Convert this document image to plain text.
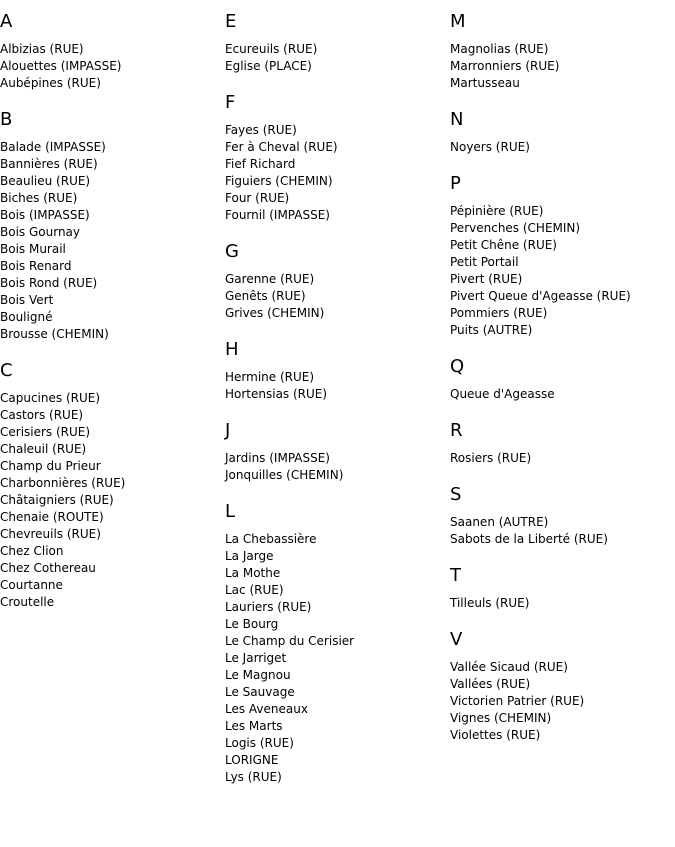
A
Albizias (RUE)
Alouettes (IMPASSE)
Aubépines (RUE)
B
Balade (IMPASSE)
Bannières (RUE)
Beaulieu (RUE)
Biches (RUE)
Bois (IMPASSE)
Bois Gournay
Bois Murail
Bois Renard
Bois Rond (RUE)
Bois Vert
Bouligné
Brousse (CHEMIN)
C
Capucines (RUE)
Castors (RUE)
Cerisiers (RUE)
Chaleuil (RUE)
Champ du Prieur
Charbonnières (RUE)
Châtaigniers (RUE)
Chenaie (ROUTE)
Chevreuils (RUE)
Chez Clion
Chez Cothereau
Courtanne
Croutelle
E
Ecureuils (RUE)
Eglise (PLACE)
F
Fayes (RUE)
Fer à Cheval (RUE)
Fief Richard
Figuiers (CHEMIN)
Four (RUE)
Fournil (IMPASSE)
G
Garenne (RUE)
Genêts (RUE)
Grives (CHEMIN)
H
Hermine (RUE)
Hortensias (RUE)
J
Jardins (IMPASSE)
Jonquilles (CHEMIN)
L
La Chebassière
La Jarge
La Mothe
Lac (RUE)
Lauriers (RUE)
Le Bourg
Le Champ du Cerisier
Le Jarriget
Le Magnou
Le Sauvage
Les Aveneaux
Les Marts
Logis (RUE)
LORIGNE
Lys (RUE)
M
Magnolias (RUE)
Marronniers (RUE)
Martusseau
N
Noyers (RUE)
P
Pépinière (RUE)
Pervenches (CHEMIN)
Petit Chêne (RUE)
Petit Portail
Pivert (RUE)
Pivert Queue d'Ageasse (RUE)
Pommiers (RUE)
Puits (AUTRE)
Q
Queue d'Ageasse
R
Rosiers (RUE)
S
Saanen (AUTRE)
Sabots de la Liberté (RUE)
T
Tilleuls (RUE)
V
Vallée Sicaud (RUE)
Vallées (RUE)
Victorien Patrier (RUE)
Vignes (CHEMIN)
Violettes (RUE)
